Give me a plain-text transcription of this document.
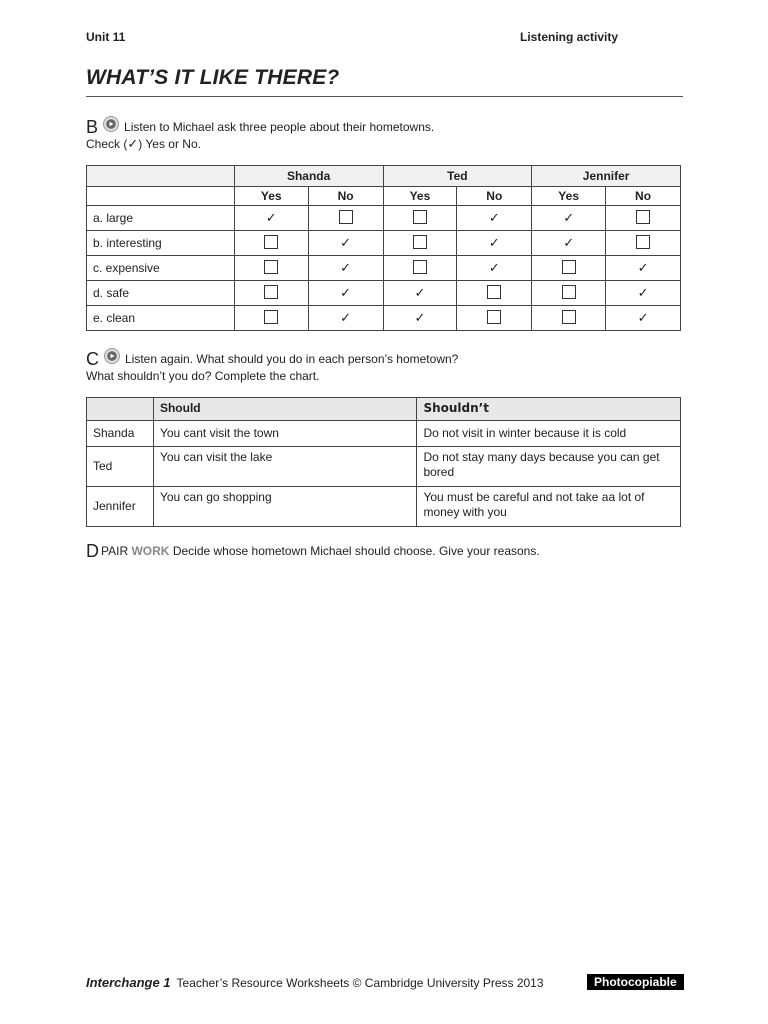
Unit 11	Listening activity
WHAT’S IT LIKE THERE?
B Listen to Michael ask three people about their hometowns.
Check (✓) Yes or No.
	Shanda		Ted		Jennifer	
	Yes	No	Yes	No	Yes	No
a. large	✓			✓	✓	
b. interesting		✓		✓	✓	
c. expensive		✓		✓		✓
d. safe		✓	✓			✓
e. clean		✓	✓			✓
C Listen again. What should you do in each person’s hometown?
What shouldn’t you do? Complete the chart.
	Should	Shouldn’t
Shanda	You cant visit the town	Do not visit in winter because it is cold
Ted	You can visit the lake	Do not stay many days because you can get bored
Jennifer	You can go shopping	You must be careful and not take aa lot of money with you
DPAIR WORK Decide whose hometown Michael should choose. Give your reasons.
Interchange 1 Teacher’s Resource Worksheets © Cambridge University Press 2013	Photocopiable
